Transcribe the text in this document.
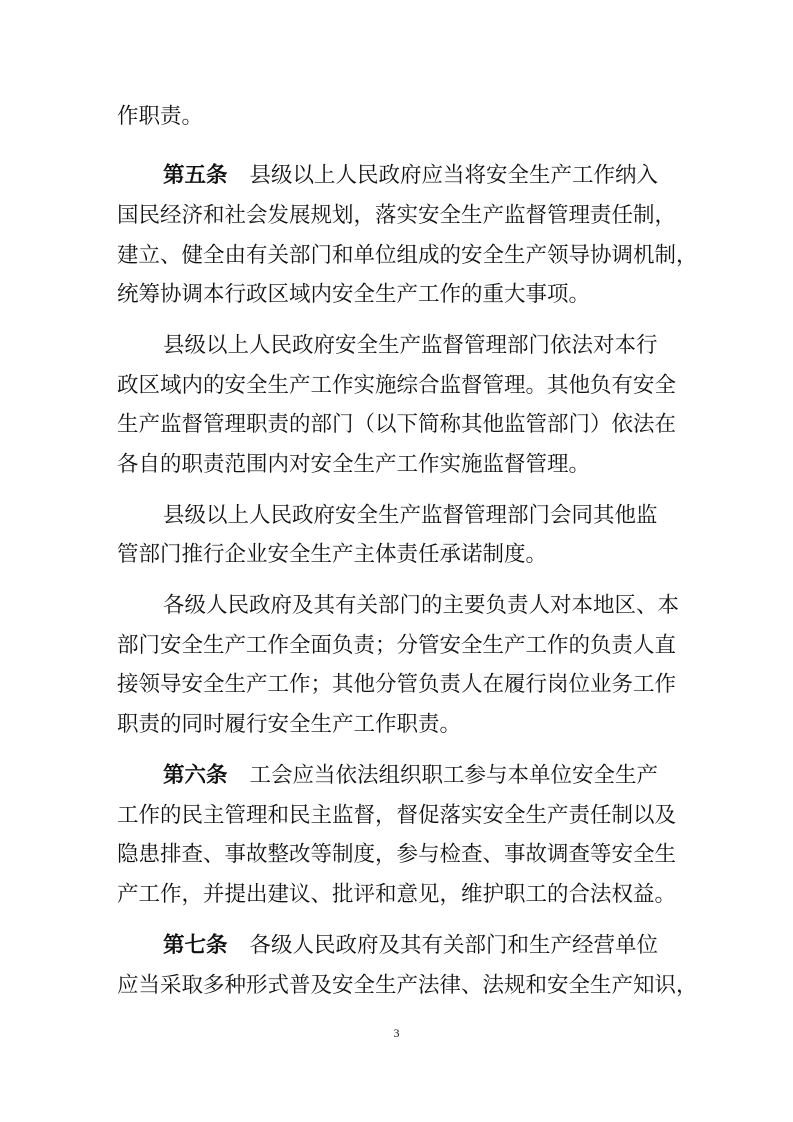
作职责。
第五条 县级以上人民政府应当将安全生产工作纳入
国民经济和社会发展规划，落实安全生产监督管理责任制，
建立、健全由有关部门和单位组成的安全生产领导协调机制，
统筹协调本行政区域内安全生产工作的重大事项。
县级以上人民政府安全生产监督管理部门依法对本行
政区域内的安全生产工作实施综合监督管理。其他负有安全
生产监督管理职责的部门（以下简称其他监管部门）依法在
各自的职责范围内对安全生产工作实施监督管理。
县级以上人民政府安全生产监督管理部门会同其他监
管部门推行企业安全生产主体责任承诺制度。
各级人民政府及其有关部门的主要负责人对本地区、本
部门安全生产工作全面负责；分管安全生产工作的负责人直
接领导安全生产工作；其他分管负责人在履行岗位业务工作
职责的同时履行安全生产工作职责。
第六条 工会应当依法组织职工参与本单位安全生产
工作的民主管理和民主监督，督促落实安全生产责任制以及
隐患排查、事故整改等制度，参与检查、事故调查等安全生
产工作，并提出建议、批评和意见，维护职工的合法权益。
第七条 各级人民政府及其有关部门和生产经营单位
应当采取多种形式普及安全生产法律、法规和安全生产知识，
3
